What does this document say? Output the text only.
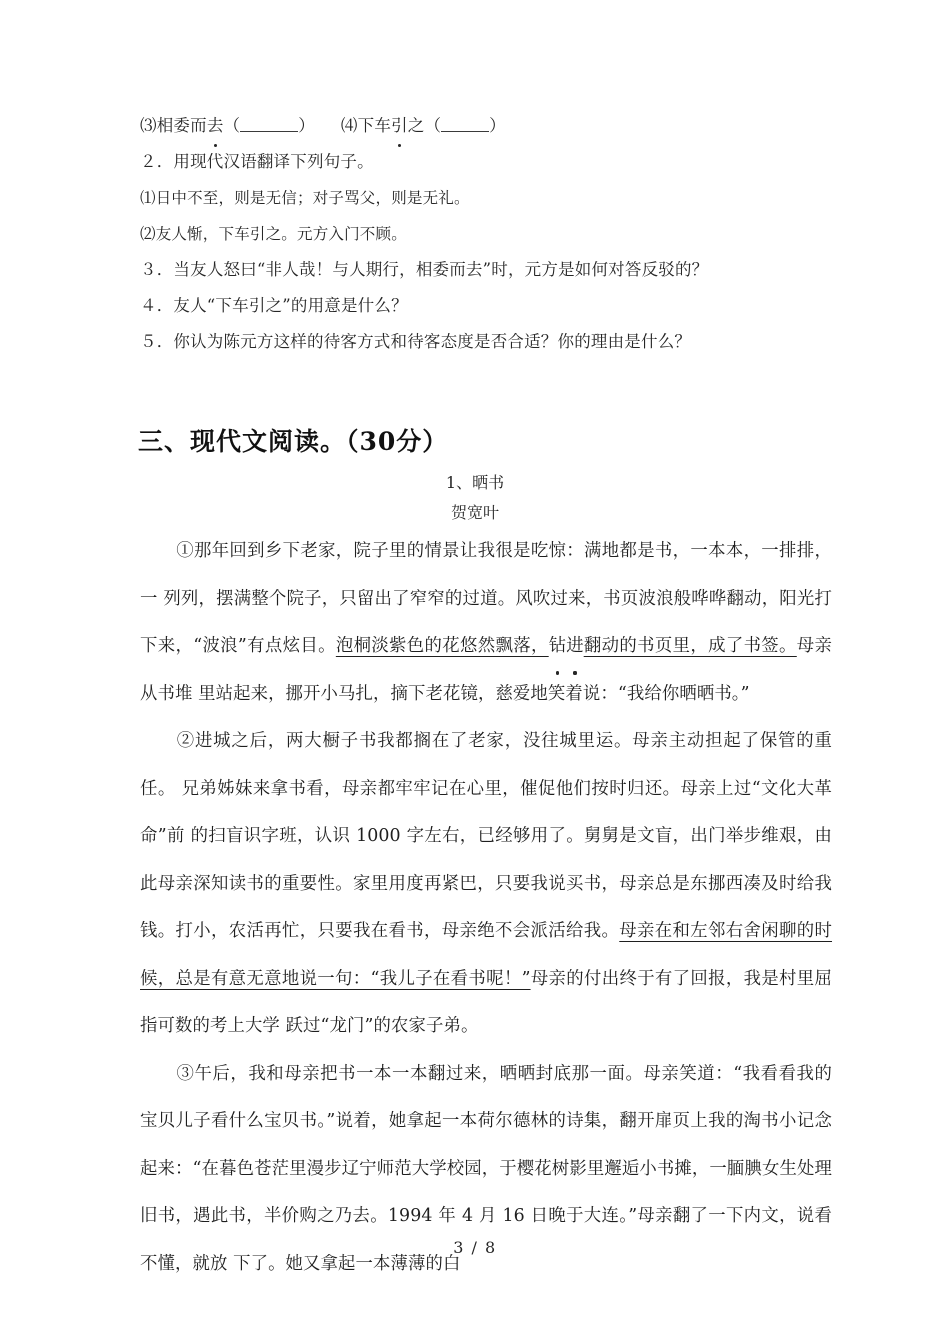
⑶相委而去（	） ⑷下车引之（	）
２．用现代汉语翻译下列句子。
⑴日中不至，则是无信；对子骂父，则是无礼。
⑵友人惭，下车引之。元方入门不顾。
３．当友人怒曰“非人哉！与人期行，相委而去”时，元方是如何对答反驳的？
４．友人“下车引之”的用意是什么？
５．你认为陈元方这样的待客方式和待客态度是否合适？你的理由是什么？
三、现代文阅读。（30分）
1、晒书
贺宽叶

①那年回到乡下老家，院子里的情景让我很是吃惊：满地都是书，一本本，一排排，一 列列，摆满整个院子，只留出了窄窄的过道。风吹过来，书页波浪般哗哗翻动，阳光打下来，“波浪”有点炫目。泡桐淡紫色的花悠然飘落，钻进翻动的书页里，成了书签。母亲从书堆 里站起来，挪开小马扎，摘下老花镜，慈爱地笑着说：“我给你晒晒书。”

②进城之后，两大橱子书我都搁在了老家，没往城里运。母亲主动担起了保管的重任。 兄弟姊妹来拿书看，母亲都牢牢记在心里，催促他们按时归还。母亲上过“文化大革命”前 的扫盲识字班，认识 1000 字左右，已经够用了。舅舅是文盲，出门举步维艰，由此母亲深知读书的重要性。家里用度再紧巴，只要我说买书，母亲总是东挪西凑及时给我钱。打小，农活再忙，只要我在看书，母亲绝不会派活给我。母亲在和左邻右舍闲聊的时候，总是有意无意地说一句：“我儿子在看书呢！”母亲的付出终于有了回报，我是村里屈指可数的考上大学 跃过“龙门”的农家子弟。

③午后，我和母亲把书一本一本翻过来，晒晒封底那一面。母亲笑道：“我看看我的宝贝儿子看什么宝贝书。”说着，她拿起一本荷尔德林的诗集，翻开扉页上我的淘书小记念起来：“在暮色苍茫里漫步辽宁师范大学校园，于樱花树影里邂逅小书摊，一腼腆女生处理旧书，遇此书，半价购之乃去。1994 年 4 月 16 日晚于大连。”母亲翻了一下内文，说看不懂，就放 下了。她又拿起一本薄薄的白

3 / 8
